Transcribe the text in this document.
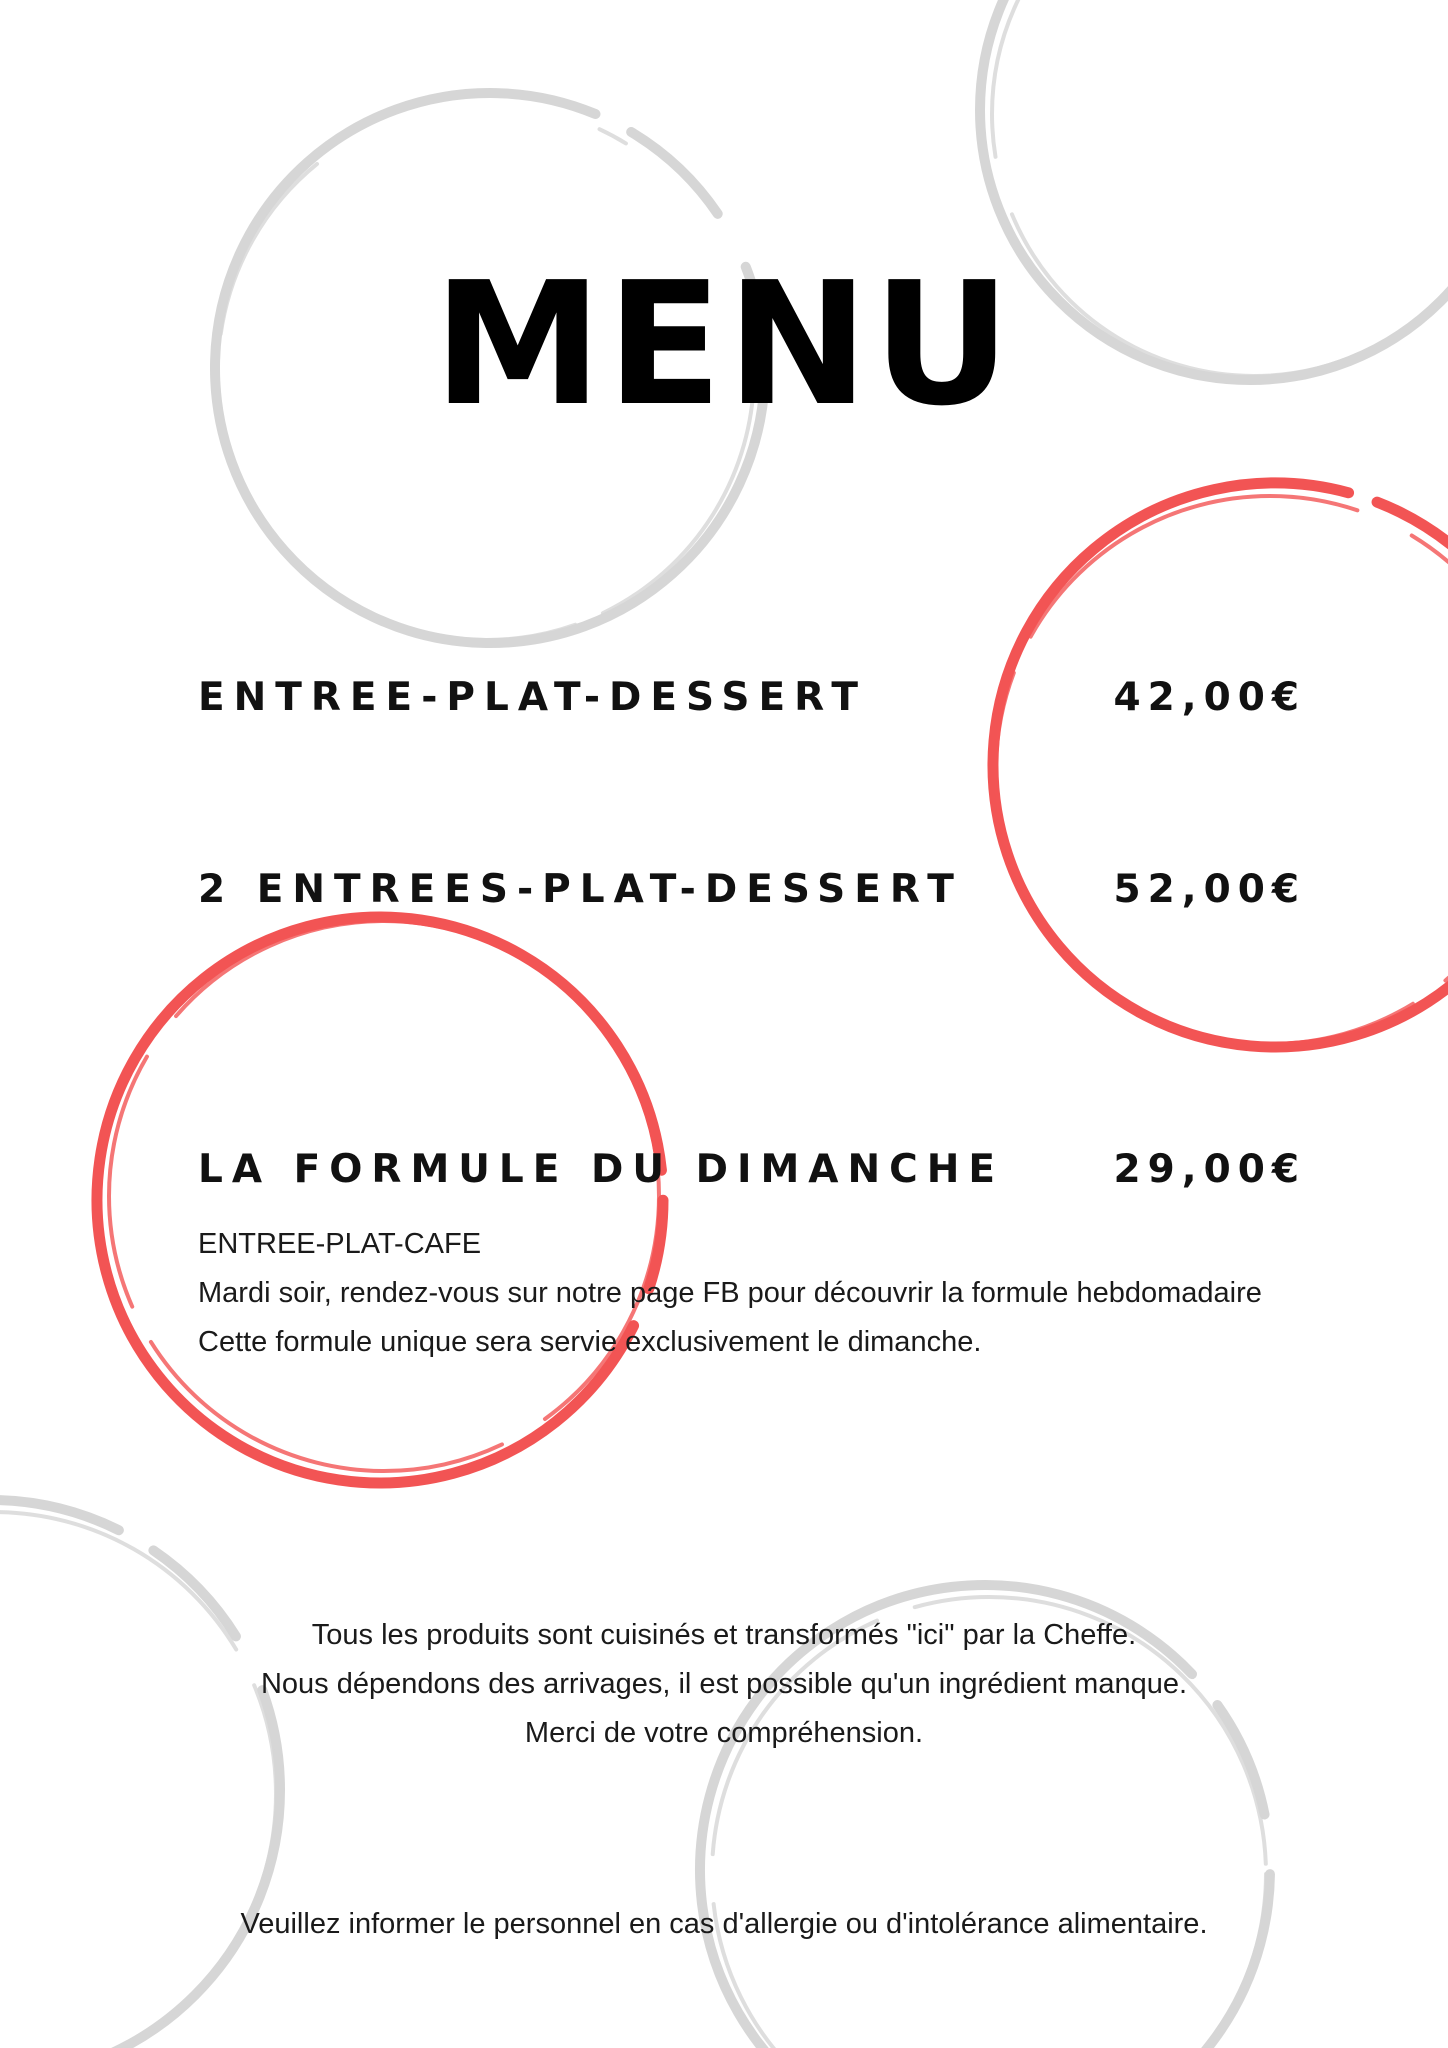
MENU
ENTREE-PLAT-DESSERT	42,00€
2 ENTREES-PLAT-DESSERT	52,00€
LA FORMULE DU DIMANCHE	29,00€
ENTREE-PLAT-CAFE
Mardi soir, rendez-vous sur notre page FB pour découvrir la formule hebdomadaire
Cette formule unique sera servie exclusivement le dimanche.
Tous les produits sont cuisinés et transformés "ici" par la Cheffe.
Nous dépendons des arrivages, il est possible qu'un ingrédient manque.
Merci de votre compréhension.
Veuillez informer le personnel en cas d'allergie ou d'intolérance alimentaire.
